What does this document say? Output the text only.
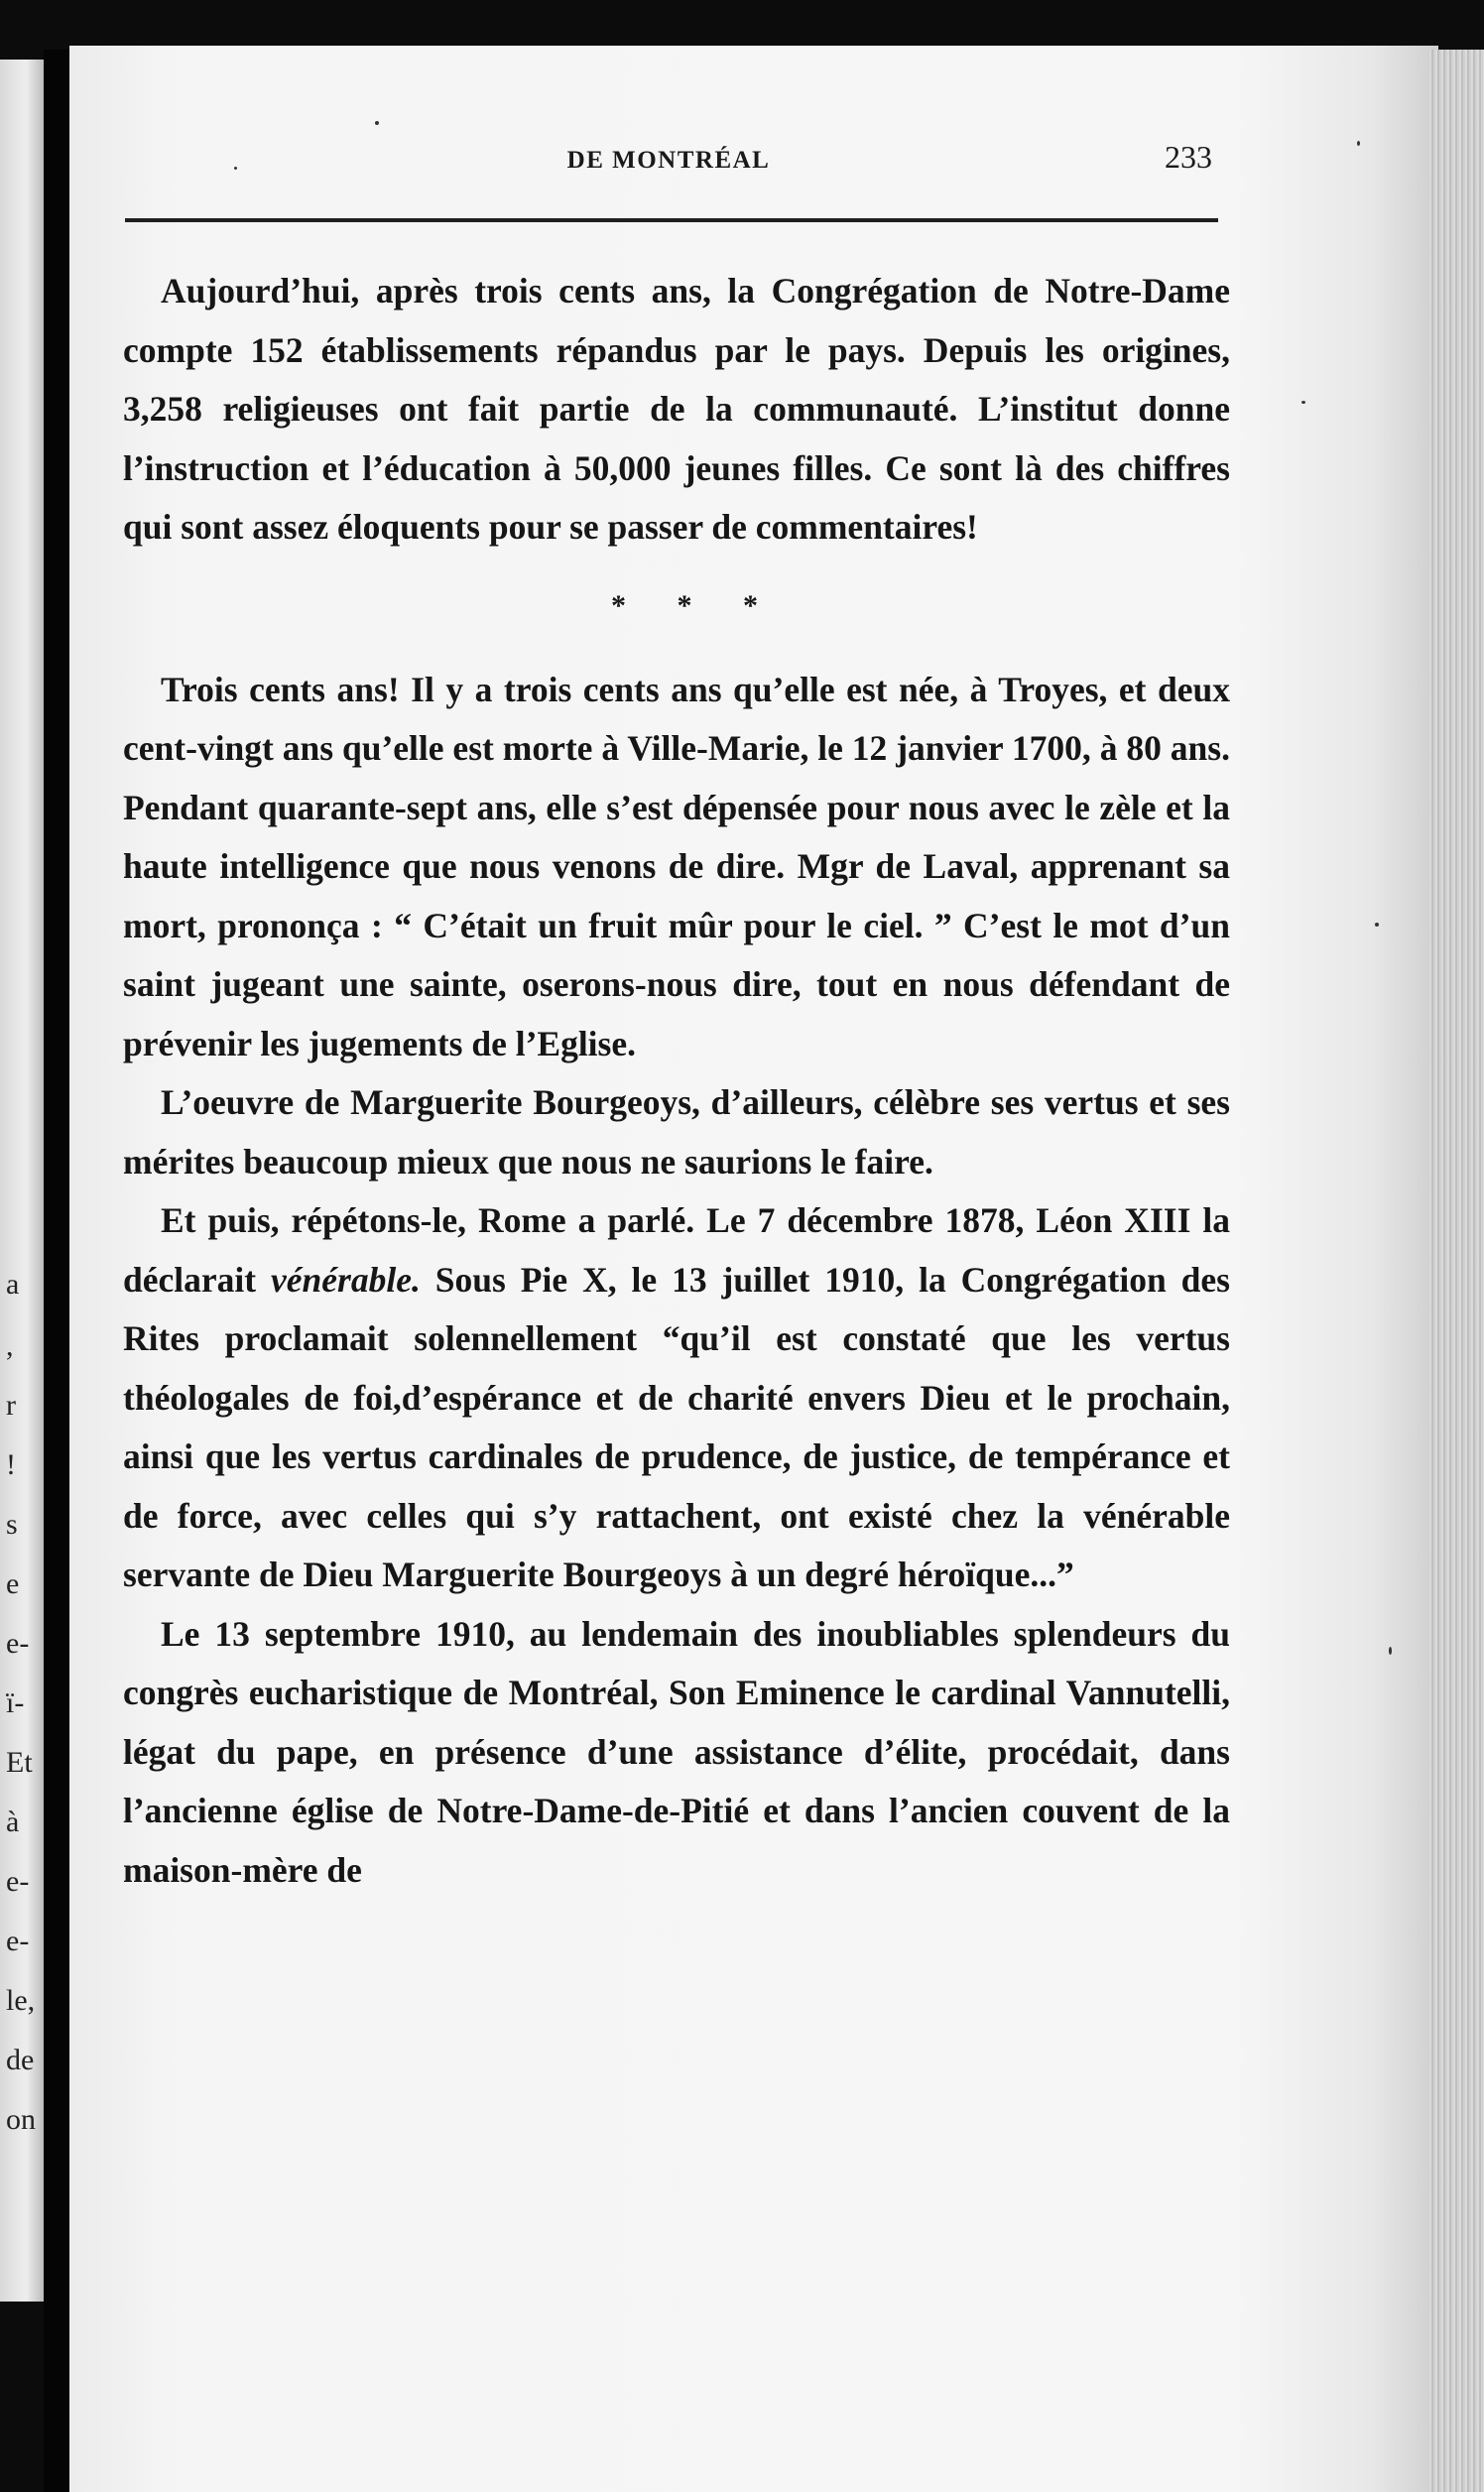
a
,
r
!
s
e
e-
ï-
Et
à
e-
e-
le,
de
on
DE MONTRÉAL	233

Aujourd’hui, après trois cents ans, la Congrégation de Notre-Dame compte 152 établissements répandus par le pays. Depuis les origines, 3,258 religieuses ont fait partie de la communauté. L’institut donne l’instruction et l’éducation à 50,000 jeunes filles. Ce sont là des chiffres qui sont assez éloquents pour se passer de commentaires!

* * *

Trois cents ans! Il y a trois cents ans qu’elle est née, à Troyes, et deux cent-vingt ans qu’elle est morte à Ville-Marie, le 12 janvier 1700, à 80 ans. Pendant quarante-sept ans, elle s’est dépensée pour nous avec le zèle et la haute intelligence que nous venons de dire. Mgr de Laval, apprenant sa mort, prononça : “ C’était un fruit mûr pour le ciel. ” C’est le mot d’un saint jugeant une sainte, oserons-nous dire, tout en nous défendant de prévenir les jugements de l’Eglise.

L’oeuvre de Marguerite Bourgeoys, d’ailleurs, célèbre ses vertus et ses mérites beaucoup mieux que nous ne saurions le faire.

Et puis, répétons-le, Rome a parlé. Le 7 décembre 1878, Léon XIII la déclarait vénérable. Sous Pie X, le 13 juillet 1910, la Congrégation des Rites proclamait solennellement “qu’il est constaté que les vertus théologales de foi,d’espérance et de charité envers Dieu et le prochain, ainsi que les vertus cardinales de prudence, de justice, de tempérance et de force, avec celles qui s’y rattachent, ont existé chez la vénérable servante de Dieu Marguerite Bourgeoys à un degré héroïque...”

Le 13 septembre 1910, au lendemain des inoubliables splendeurs du congrès eucharistique de Montréal, Son Eminence le cardinal Vannutelli, légat du pape, en présence d’une assistance d’élite, procédait, dans l’ancienne église de Notre-Dame-de-Pitié et dans l’ancien couvent de la maison-mère de
